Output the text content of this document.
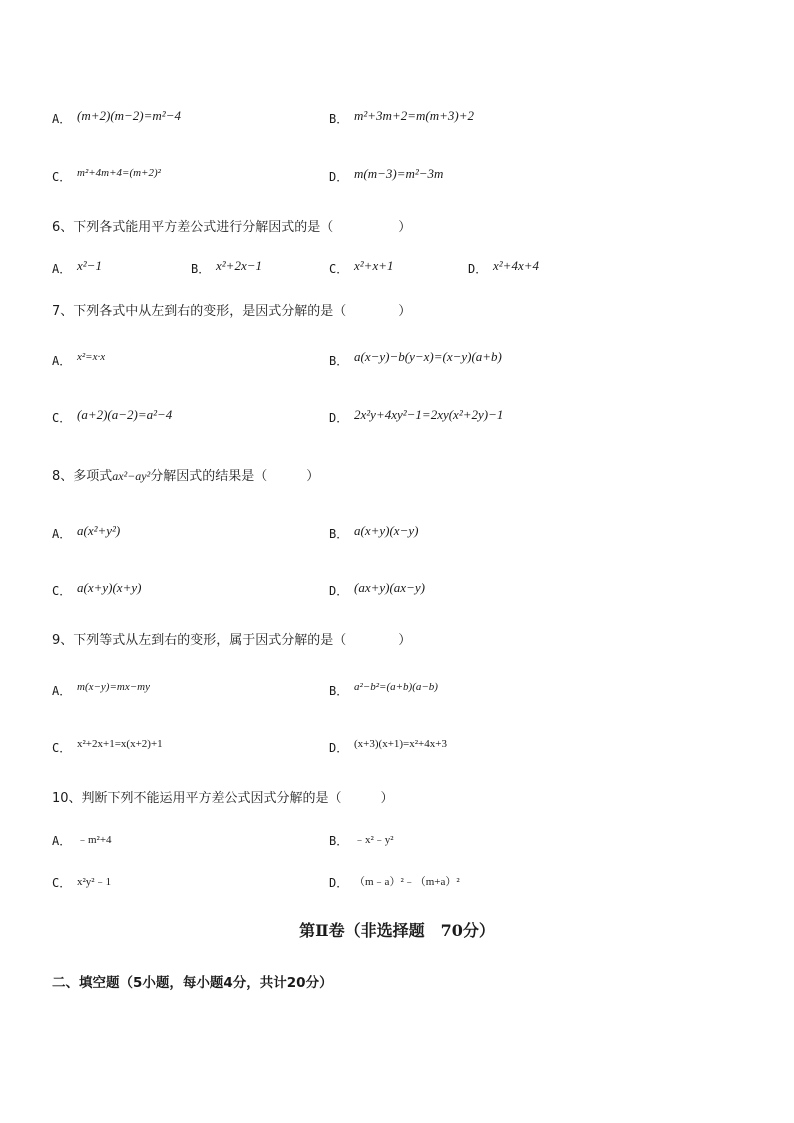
A． (m+2)(m−2)=m²−4	B． m²+3m+2=m(m+3)+2
C． m²+4m+4=(m+2)²	D． m(m−3)=m²−3m
6、下列各式能用平方差公式进行分解因式的是（　　　　　）
A． x²−1	B． x²+2x−1	C． x²+x+1	D． x²+4x+4
7、下列各式中从左到右的变形，是因式分解的是（　　　　）
A． x²=x·x	B． a(x−y)−b(y−x)=(x−y)(a+b)
C． (a+2)(a−2)=a²−4	D． 2x²y+4xy²−1=2xy(x²+2y)−1
8、多项式ax²−ay²分解因式的结果是（　　　）
A． a(x²+y²)	B． a(x+y)(x−y)
C． a(x+y)(x+y)	D． (ax+y)(ax−y)
9、下列等式从左到右的变形，属于因式分解的是（　　　　）
A． m(x−y)=mx−my	B． a²−b²=(a+b)(a−b)
C． x²+2x+1=x(x+2)+1	D． (x+3)(x+1)=x²+4x+3
10、判断下列不能运用平方差公式因式分解的是（　　　）
A． ﹣m²+4	B． ﹣x²﹣y²
C． x²y²﹣1	D． （m﹣a）²﹣（m+a）²
第Ⅱ卷（非选择题　70分）
二、填空题（5小题，每小题4分，共计20分）
